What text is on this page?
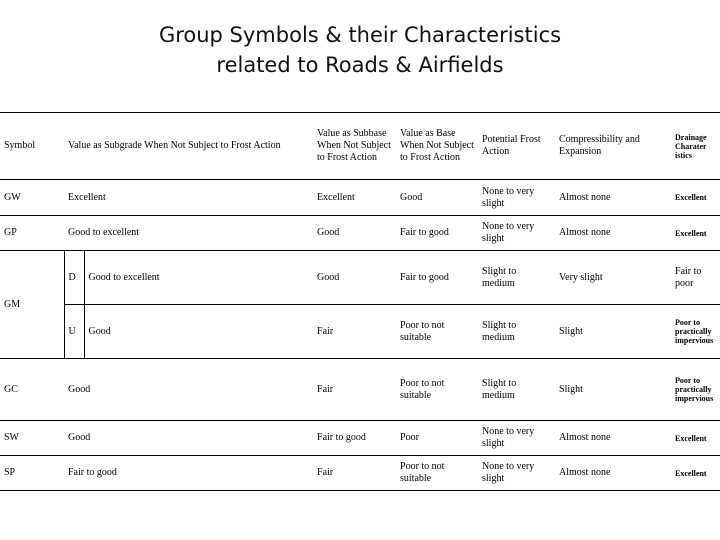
Group Symbols & their Characteristics
related to Roads & Airfields
Symbol	Value as Subgrade When Not Subject to Frost Action		Value as Subbase When Not Subject to Frost Action	Value as Base When Not Subject to Frost Action	Potential Frost Action	Compressibility and Expansion	Drainage Charater istics
GW	Excellent		Excellent	Good	None to very slight	Almost none	Excellent
GP	Good to excellent		Good	Fair to good	None to very slight	Almost none	Excellent
GM	D	Good to excellent	Good	Fair to good	Slight to medium	Very slight	Fair to poor
	U	Good	Fair	Poor to not suitable	Slight to medium	Slight	Poor to practically impervious
GC	Good		Fair	Poor to not suitable	Slight to medium	Slight	Poor to practically impervious
SW	Good		Fair to good	Poor	None to very slight	Almost none	Excellent
SP	Fair to good		Fair	Poor to not suitable	None to very slight	Almost none	Excellent
